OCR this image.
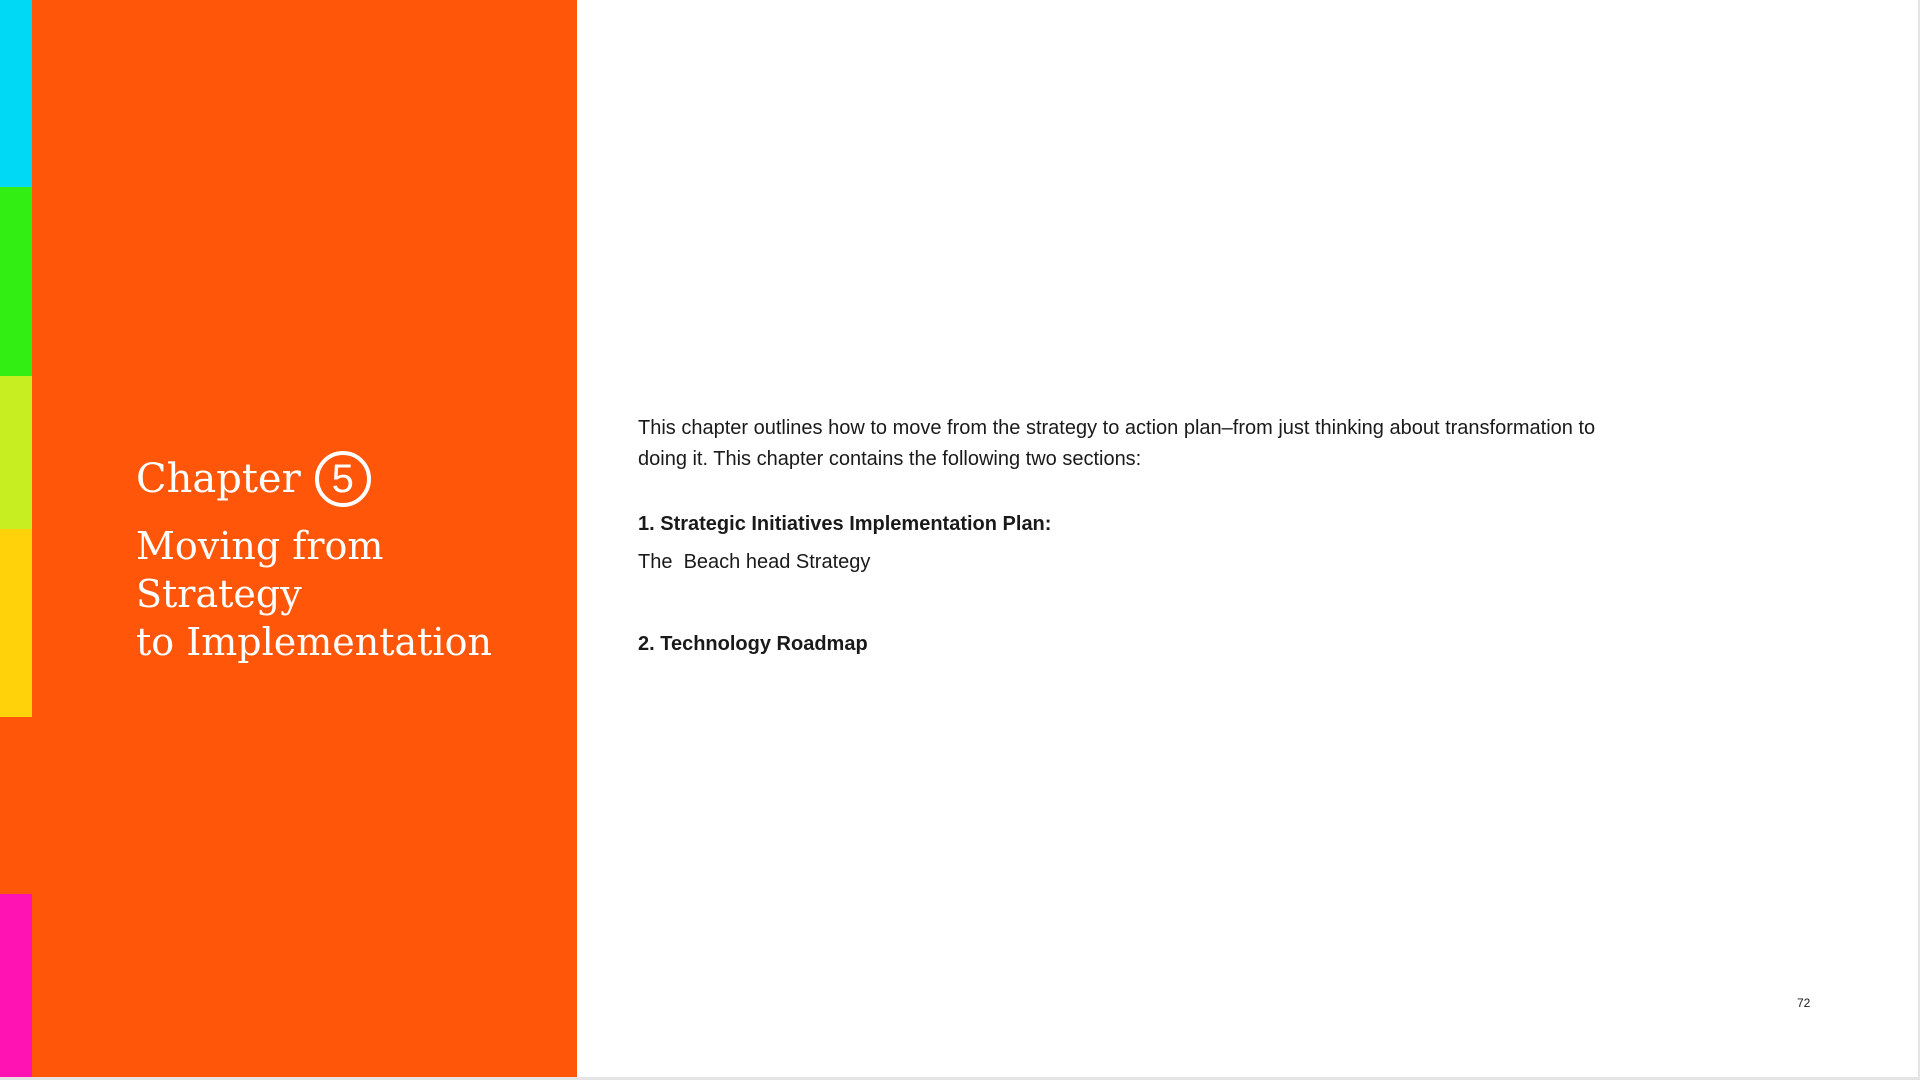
Chapter 5
Moving from Strategy
to Implementation

This chapter outlines how to move from the strategy to action plan–from just thinking about transformation to doing it. This chapter contains the following two sections:

1. Strategic Initiatives Implementation Plan:

The  Beach head Strategy

2. Technology Roadmap

72
